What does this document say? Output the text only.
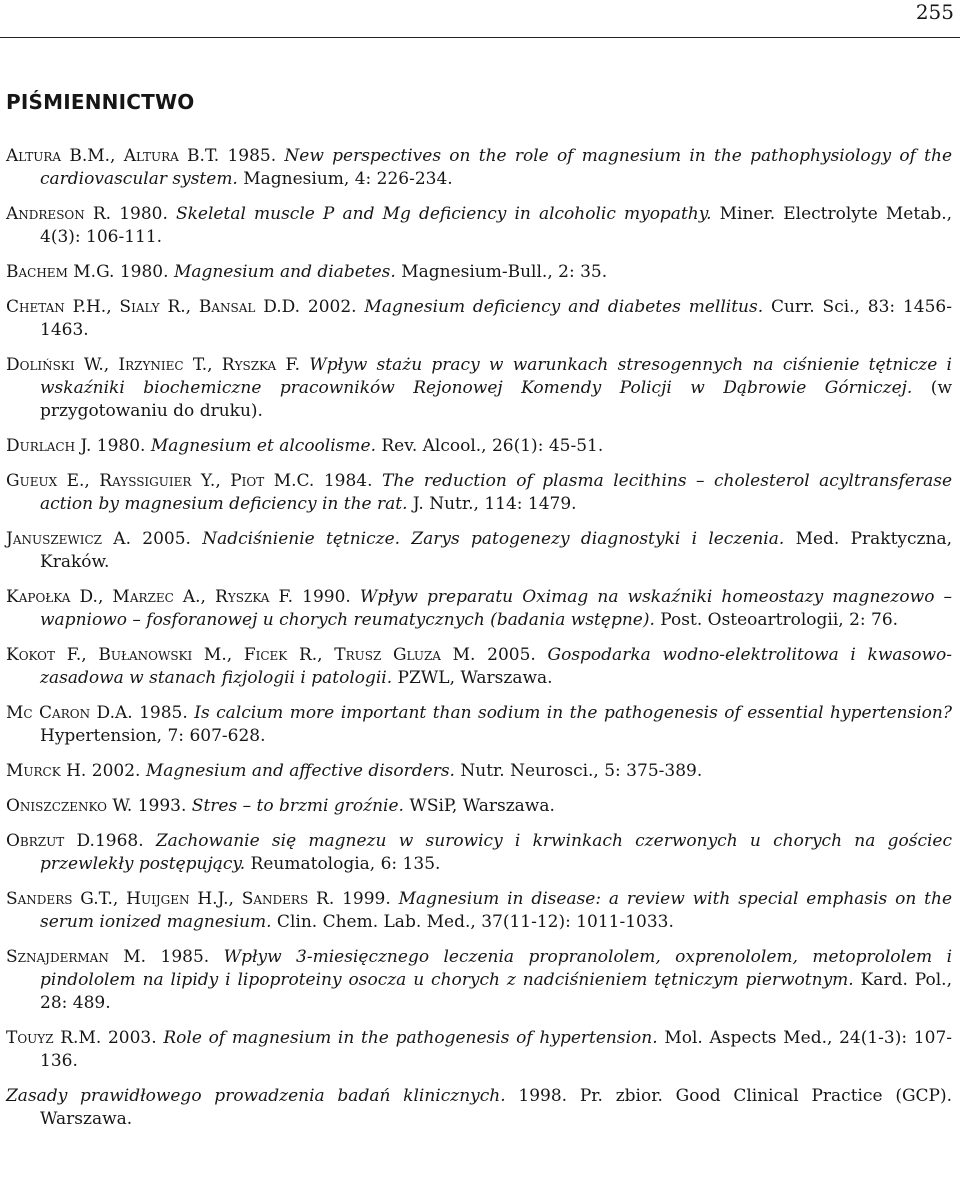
255
PIŚMIENNICTWO
Altura B.M., Altura B.T. 1985. New perspectives on the role of magnesium in the pathophysiology of the cardiovascular system. Magnesium, 4: 226-234.
Andreson R. 1980. Skeletal muscle P and Mg deficiency in alcoholic myopathy. Miner. Electrolyte Metab., 4(3): 106-111.
Bachem M.G. 1980. Magnesium and diabetes. Magnesium-Bull., 2: 35.
Chetan P.H., Sialy R., Bansal D.D. 2002. Magnesium deficiency and diabetes mellitus. Curr. Sci., 83: 1456-1463.
Doliński W., Irzyniec T., Ryszka F. Wpływ stażu pracy w warunkach stresogennych na ciśnienie tętnicze i wskaźniki biochemiczne pracowników Rejonowej Komendy Policji w Dąbrowie Górniczej. (w przygotowaniu do druku).
Durlach J. 1980. Magnesium et alcoolisme. Rev. Alcool., 26(1): 45-51.
Gueux E., Rayssiguier Y., Piot M.C. 1984. The reduction of plasma lecithins – cholesterol acyltransferase action by magnesium deficiency in the rat. J. Nutr., 114: 1479.
Januszewicz A. 2005. Nadciśnienie tętnicze. Zarys patogenezy diagnostyki i leczenia. Med. Praktyczna, Kraków.
Kapołka D., Marzec A., Ryszka F. 1990. Wpływ preparatu Oximag na wskaźniki homeostazy magnezowo – wapniowo – fosforanowej u chorych reumatycznych (badania wstępne). Post. Osteoartrologii, 2: 76.
Kokot F., Bułanowski M., Ficek R., Trusz Gluza M. 2005. Gospodarka wodno-elektrolitowa i kwasowo-zasadowa w stanach fizjologii i patologii. PZWL, Warszawa.
Mc Caron D.A. 1985. Is calcium more important than sodium in the pathogenesis of essential hypertension? Hypertension, 7: 607-628.
Murck H. 2002. Magnesium and affective disorders. Nutr. Neurosci., 5: 375-389.
Oniszczenko W. 1993. Stres – to brzmi groźnie. WSiP, Warszawa.
Obrzut D.1968. Zachowanie się magnezu w surowicy i krwinkach czerwonych u chorych na gościec przewlekły postępujący. Reumatologia, 6: 135.
Sanders G.T., Huijgen H.J., Sanders R. 1999. Magnesium in disease: a review with special emphasis on the serum ionized magnesium. Clin. Chem. Lab. Med., 37(11-12): 1011-1033.
Sznajderman M. 1985. Wpływ 3-miesięcznego leczenia propranololem, oxprenololem, metoprololem i pindololem na lipidy i lipoproteiny osocza u chorych z nadciśnieniem tętniczym pierwotnym. Kard. Pol., 28: 489.
Touyz R.M. 2003. Role of magnesium in the pathogenesis of hypertension. Mol. Aspects Med., 24(1-3): 107-136.
Zasady prawidłowego prowadzenia badań klinicznych. 1998. Pr. zbior. Good Clinical Practice (GCP). Warszawa.
